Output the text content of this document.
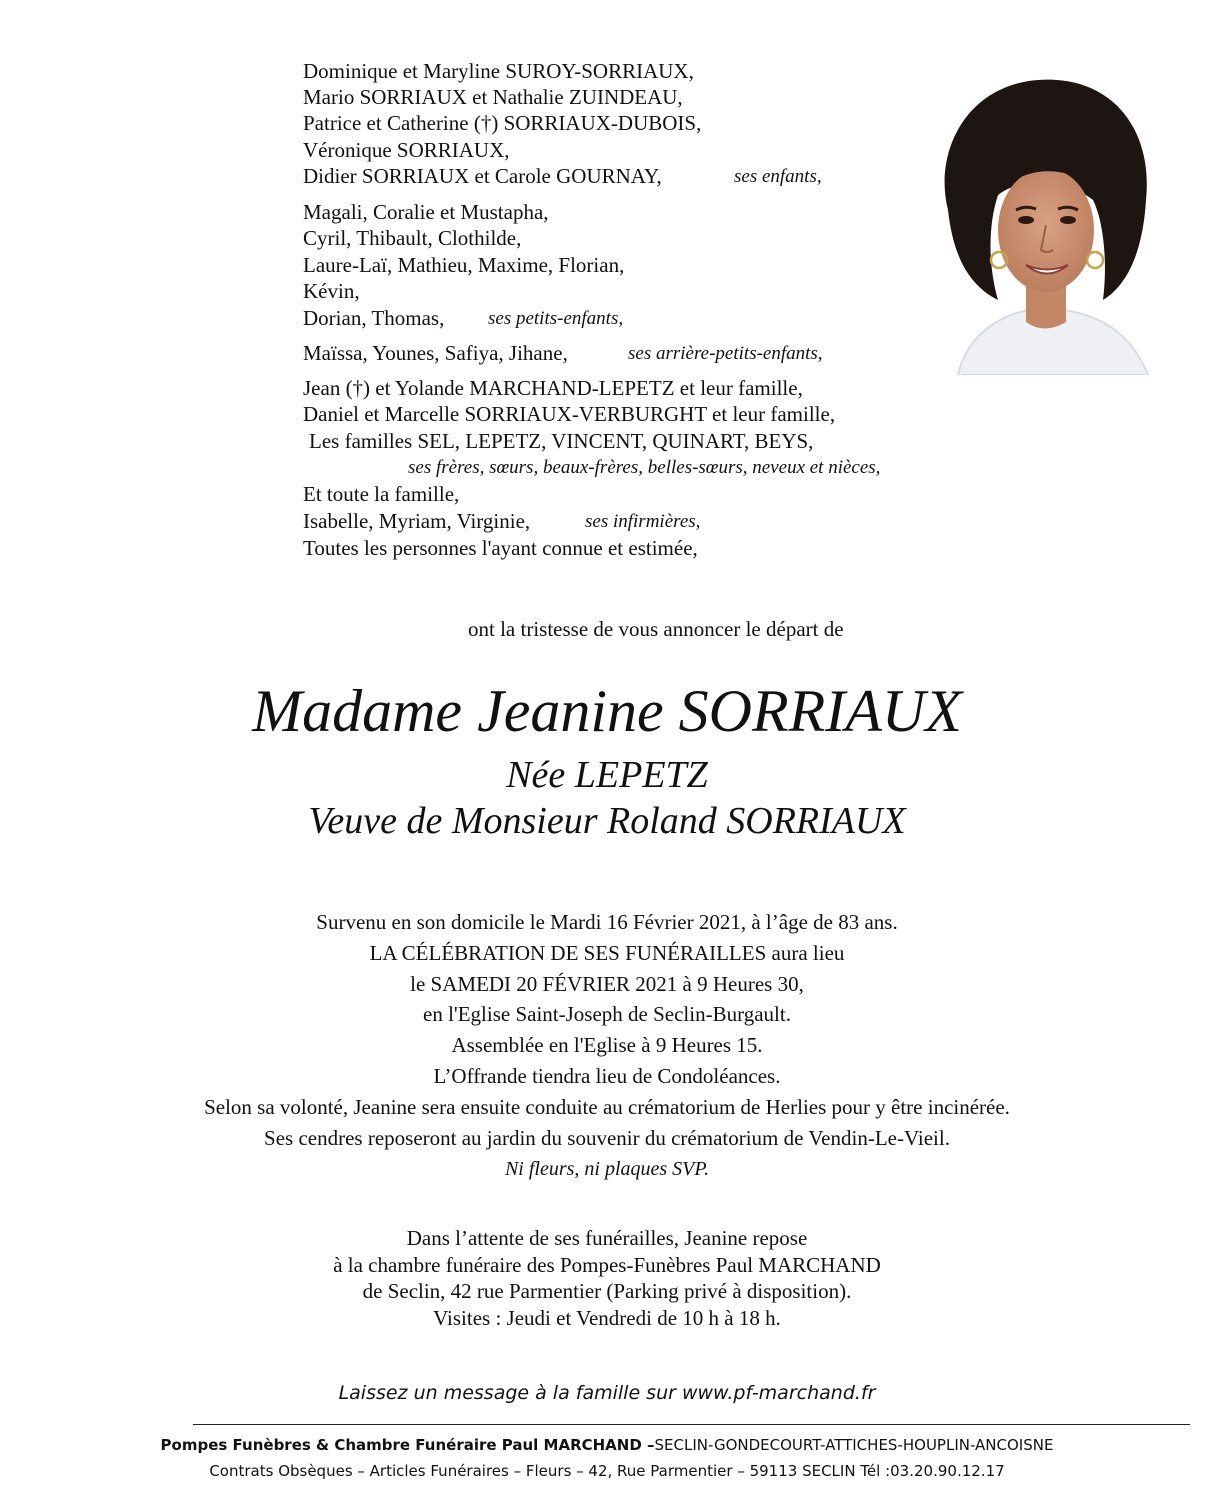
Dominique et Maryline SUROY-SORRIAUX,
Mario SORRIAUX et Nathalie ZUINDEAU,
Patrice et Catherine (†) SORRIAUX-DUBOIS,
Véronique SORRIAUX,
Didier SORRIAUX et Carole GOURNAY,	ses enfants,
Magali, Coralie et Mustapha,
Cyril, Thibault, Clothilde,
Laure-Laï, Mathieu, Maxime, Florian,
Kévin,
Dorian, Thomas, ses petits-enfants,
Maïssa, Younes, Safiya, Jihane,	ses arrière-petits-enfants,
Jean (†) et Yolande MARCHAND-LEPETZ et leur famille,
Daniel et Marcelle SORRIAUX-VERBURGHT et leur famille,
Les familles SEL, LEPETZ, VINCENT, QUINART, BEYS,
ses frères, sœurs, beaux-frères, belles-sœurs, neveux et nièces,
Et toute la famille,
Isabelle, Myriam, Virginie,	ses infirmières,
Toutes les personnes l'ayant connue et estimée,
ont la tristesse de vous annoncer le départ de
Madame Jeanine SORRIAUX
Née LEPETZ
Veuve de Monsieur Roland SORRIAUX
Survenu en son domicile le Mardi 16 Février 2021, à l’âge de 83 ans.
LA CÉLÉBRATION DE SES FUNÉRAILLES aura lieu
le SAMEDI 20 FÉVRIER 2021 à 9 Heures 30,
en l'Eglise Saint-Joseph de Seclin-Burgault.
Assemblée en l'Eglise à 9 Heures 15.
L’Offrande tiendra lieu de Condoléances.
Selon sa volonté, Jeanine sera ensuite conduite au crématorium de Herlies pour y être incinérée.
Ses cendres reposeront au jardin du souvenir du crématorium de Vendin-Le-Vieil.
Ni fleurs, ni plaques SVP.
Dans l’attente de ses funérailles, Jeanine repose
à la chambre funéraire des Pompes-Funèbres Paul MARCHAND
de Seclin, 42 rue Parmentier (Parking privé à disposition).
Visites : Jeudi et Vendredi de 10 h à 18 h.
Laissez un message à la famille sur www.pf-marchand.fr
Pompes Funèbres & Chambre Funéraire Paul MARCHAND –SECLIN-GONDECOURT-ATTICHES-HOUPLIN-ANCOISNE
Contrats Obsèques – Articles Funéraires – Fleurs – 42, Rue Parmentier – 59113 SECLIN Tél :03.20.90.12.17
